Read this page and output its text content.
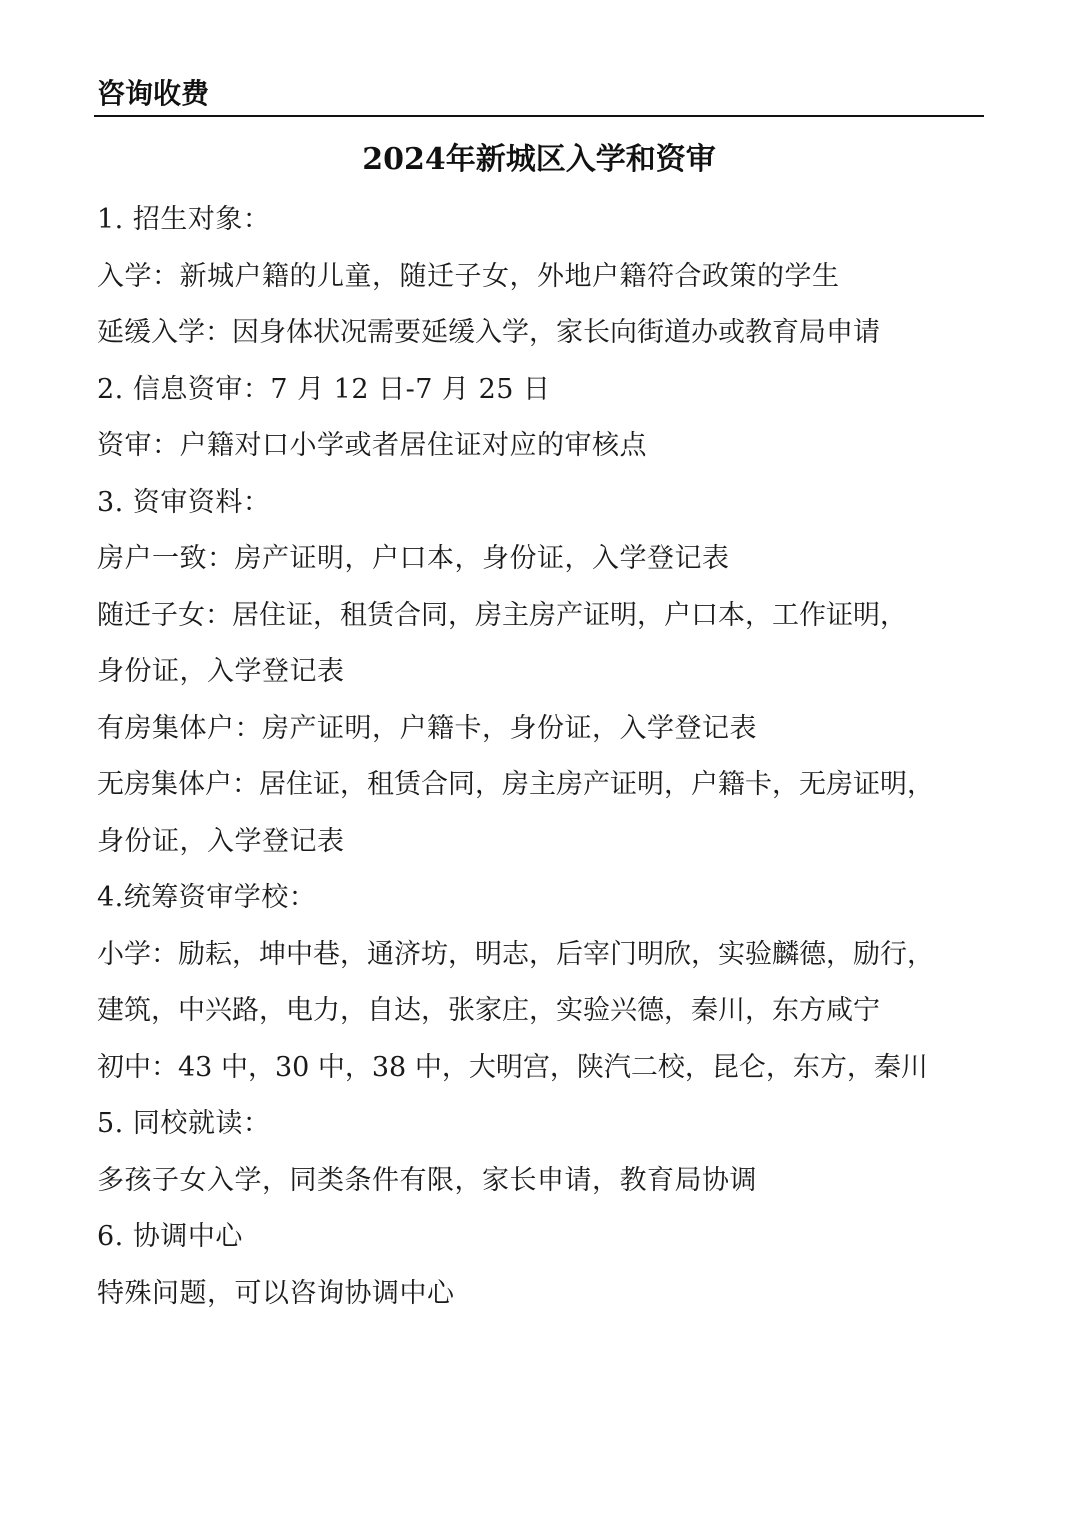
咨询收费
2024年新城区入学和资审
1. 招生对象：
入学：新城户籍的儿童，随迁子女，外地户籍符合政策的学生
延缓入学：因身体状况需要延缓入学，家长向街道办或教育局申请
2. 信息资审：7 月 12 日-7 月 25 日
资审：户籍对口小学或者居住证对应的审核点
3. 资审资料：
房户一致：房产证明，户口本，身份证，入学登记表
随迁子女：居住证，租赁合同，房主房产证明，户口本，工作证明，
身份证，入学登记表
有房集体户：房产证明，户籍卡，身份证，入学登记表
无房集体户：居住证，租赁合同，房主房产证明，户籍卡，无房证明，
身份证，入学登记表
4.统筹资审学校：
小学：励耘，坤中巷，通济坊，明志，后宰门明欣，实验麟德，励行，
建筑，中兴路，电力，自达，张家庄，实验兴德，秦川，东方咸宁
初中：43 中，30 中，38 中，大明宫，陕汽二校，昆仑，东方，秦川
5. 同校就读：
多孩子女入学，同类条件有限，家长申请，教育局协调
6. 协调中心
特殊问题，可以咨询协调中心
